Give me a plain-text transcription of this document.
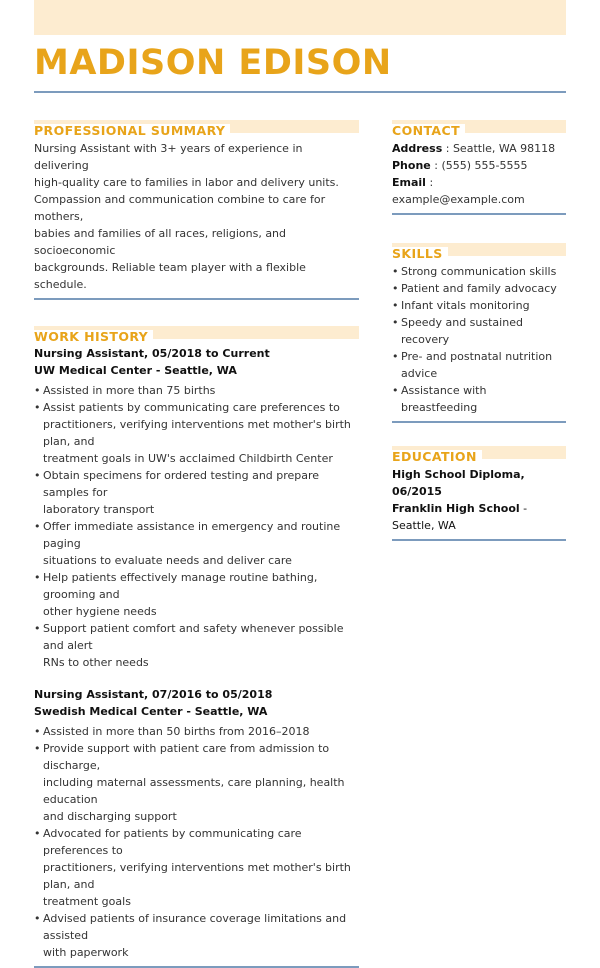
MADISON EDISON
PROFESSIONAL SUMMARY
Nursing Assistant with 3+ years of experience in delivering
high-quality care to families in labor and delivery units.
Compassion and communication combine to care for mothers,
babies and families of all races, religions, and socioeconomic
backgrounds. Reliable team player with a flexible schedule.
WORK HISTORY
Nursing Assistant, 05/2018 to Current
UW Medical Center - Seattle, WA
• Assisted in more than 75 births
• Assist patients by communicating care preferences to
practitioners, verifying interventions met mother's birth plan, and
treatment goals in UW's acclaimed Childbirth Center
• Obtain specimens for ordered testing and prepare samples for
laboratory transport
• Offer immediate assistance in emergency and routine paging
situations to evaluate needs and deliver care
• Help patients effectively manage routine bathing, grooming and
other hygiene needs
• Support patient comfort and safety whenever possible and alert
RNs to other needs
Nursing Assistant, 07/2016 to 05/2018
Swedish Medical Center - Seattle, WA
• Assisted in more than 50 births from 2016–2018
• Provide support with patient care from admission to discharge,
including maternal assessments, care planning, health education
and discharging support
• Advocated for patients by communicating care preferences to
practitioners, verifying interventions met mother's birth plan, and
treatment goals
• Advised patients of insurance coverage limitations and assisted
with paperwork
CONTACT
Address : Seattle, WA 98118
Phone : (555) 555-5555
Email : example@example.com
SKILLS
• Strong communication skills
• Patient and family advocacy
• Infant vitals monitoring
• Speedy and sustained recovery
• Pre- and postnatal nutrition
advice
• Assistance with breastfeeding
EDUCATION
High School Diploma, 06/2015
Franklin High School - Seattle, WA
